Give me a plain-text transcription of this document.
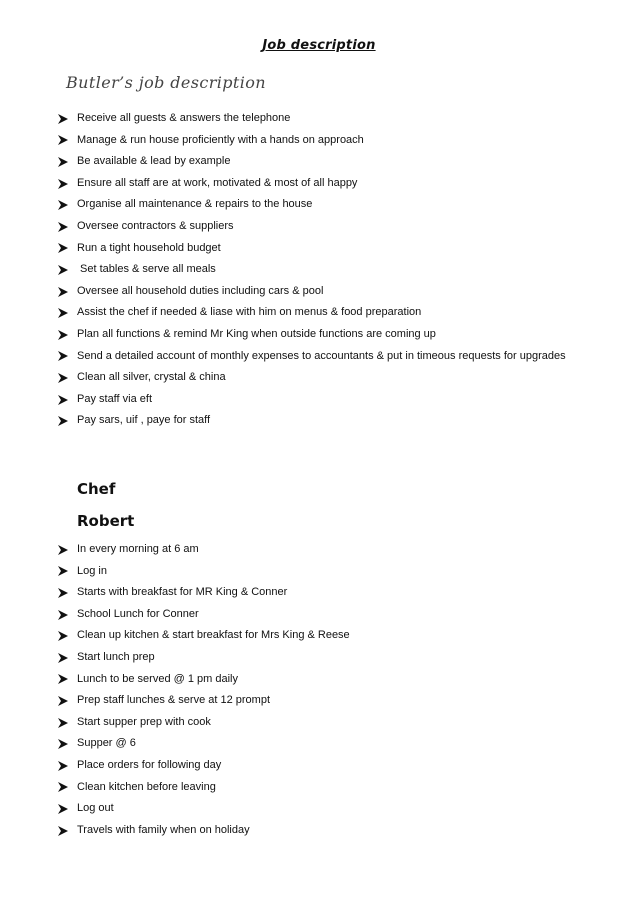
Job description
Butler’s job description
Receive all guests & answers the telephone
Manage & run house proficiently with a hands on approach
Be available & lead by example
Ensure all staff are at work, motivated & most of all happy
Organise all maintenance & repairs to the house
Oversee contractors & suppliers
Run a tight household budget
Set tables & serve all meals
Oversee all household duties including cars & pool
Assist the chef if needed & liase with him on menus & food preparation
Plan all functions & remind Mr King when outside functions are coming up
Send a detailed account of monthly expenses to accountants & put in timeous requests for upgrades
Clean all silver, crystal & china
Pay staff via eft
Pay sars, uif , paye for staff
Chef
Robert
In every morning at 6 am
Log in
Starts with breakfast for MR King & Conner
School Lunch for Conner
Clean up kitchen & start breakfast for Mrs King & Reese
Start lunch prep
Lunch to be served @ 1 pm daily
Prep staff lunches & serve at 12 prompt
Start supper prep with cook
Supper @ 6
Place orders for following day
Clean kitchen before leaving
Log out
Travels with family when on holiday
